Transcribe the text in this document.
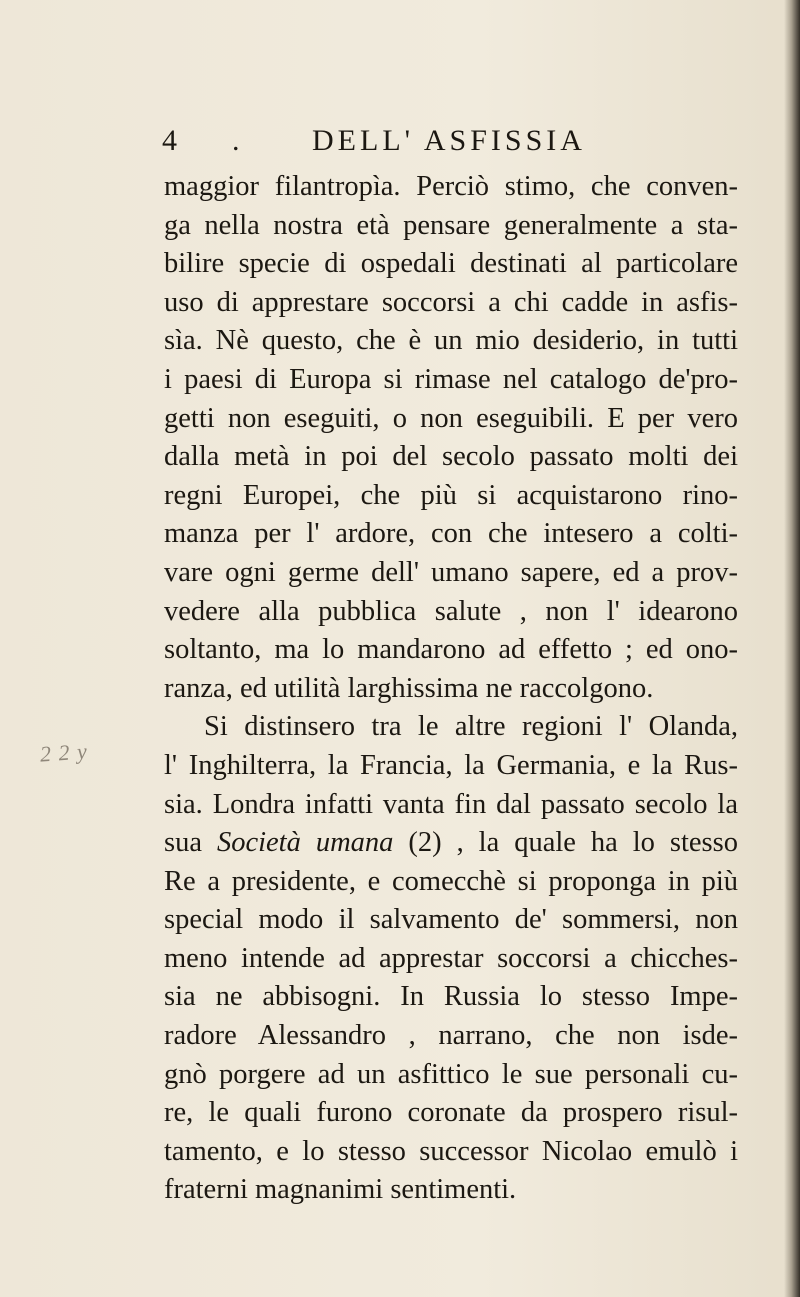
4 . DELL' ASFISSIA
maggior filantropìa. Perciò stimo, che conven-
ga nella nostra età pensare generalmente a sta-
bilire specie di ospedali destinati al particolare
uso di apprestare soccorsi a chi cadde in asfis-
sìa. Nè questo, che è un mio desiderio, in tutti
i paesi di Europa si rimase nel catalogo de'pro-
getti non eseguiti, o non eseguibili. E per vero
dalla metà in poi del secolo passato molti dei
regni Europei, che più si acquistarono rino-
manza per l' ardore, con che intesero a colti-
vare ogni germe dell' umano sapere, ed a prov-
vedere alla pubblica salute , non l' idearono
soltanto, ma lo mandarono ad effetto ; ed ono-
ranza, ed utilità larghissima ne raccolgono.
Si distinsero tra le altre regioni l' Olanda,
l' Inghilterra, la Francia, la Germania, e la Rus-
sia. Londra infatti vanta fin dal passato secolo la
sua Società umana (2) , la quale ha lo stesso
Re a presidente, e comecchè si proponga in più
special modo il salvamento de' sommersi, non
meno intende ad apprestar soccorsi a chicches-
sia ne abbisogni. In Russia lo stesso Impe-
radore Alessandro , narrano, che non isde-
gnò porgere ad un asfittico le sue personali cu-
re, le quali furono coronate da prospero risul-
tamento, e lo stesso successor Nicolao emulò i
fraterni magnanimi sentimenti.
2 2 y
